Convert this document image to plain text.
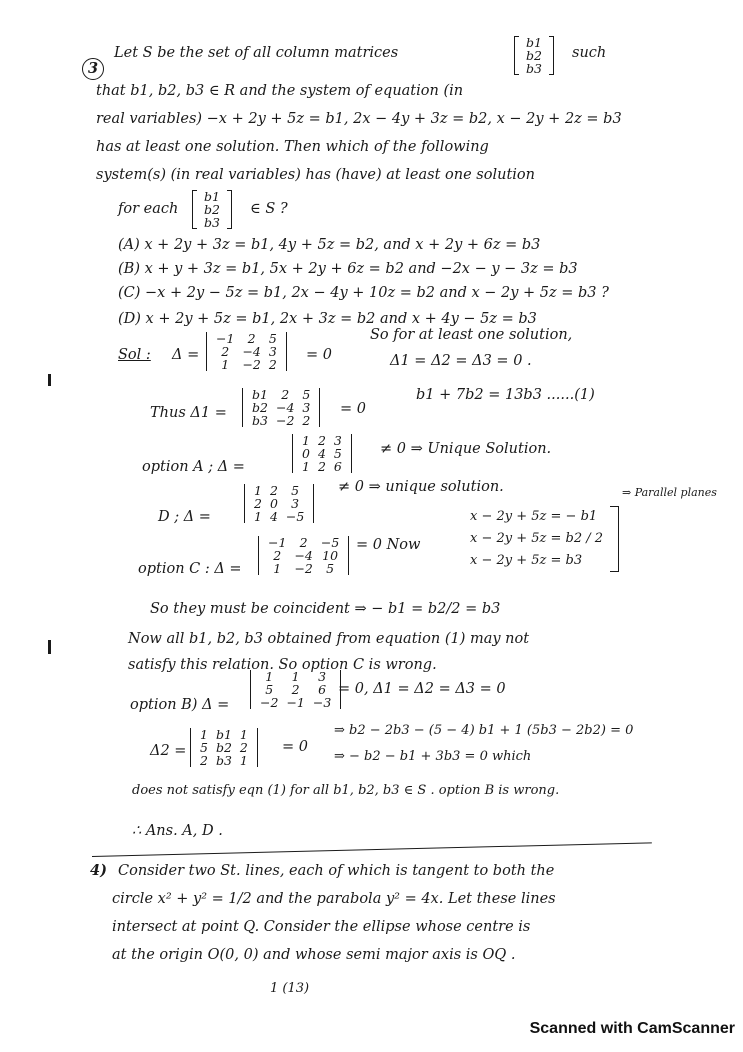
3
Let S be the set of all column matrices
b1
b2
b3
such
that b1, b2, b3 ∈ R and the system of equation (in
real variables) −x + 2y + 5z = b1, 2x − 4y + 3z = b2, x − 2y + 2z = b3
has at least one solution. Then which of the following
system(s) (in real variables) has (have) at least one solution
for each
b1
b2
b3
∈ S ?
(A) x + 2y + 3z = b1, 4y + 5z = b2, and x + 2y + 6z = b3
(B) x + y + 3z = b1, 5x + 2y + 6z = b2 and −2x − y − 3z = b3
(C) −x + 2y − 5z = b1, 2x − 4y + 10z = b2 and x − 2y + 5z = b3 ?
(D) x + 2y + 5z = b1, 2x + 3z = b2 and x + 4y − 5z = b3
Sol : Δ =
−1	2	5
2	−4	3
1	−2	2
= 0
So for at least one solution,
Δ1 = Δ2 = Δ3 = 0 .
Thus Δ1 =
b1	2	5
b2	−4	3
b3	−2	2
= 0
b1 + 7b2 = 13b3 ......(1)
option A ; Δ =
1	2	3
0	4	5
1	2	6
≠ 0 ⇒ Unique Solution.
D ; Δ =
1	2	5
2	0	3
1	4	−5
≠ 0 ⇒ unique solution.
option C : Δ =
−1	2	−5
2	−4	10
1	−2	5
= 0 Now
x − 2y + 5z = − b1
x − 2y + 5z = b2 / 2
x − 2y + 5z = b3
⇒ Parallel planes
So they must be coincident ⇒ − b1 = b2/2 = b3
Now all b1, b2, b3 obtained from equation (1) may not
satisfy this relation. So option C is wrong.
option B) Δ =
1	1	3
5	2	6
−2	−1	−3
= 0, Δ1 = Δ2 = Δ3 = 0
Δ2 =
1	b1	1
5	b2	2
2	b3	1
= 0
⇒ b2 − 2b3 − (5 − 4) b1 + 1 (5b3 − 2b2) = 0
⇒ − b2 − b1 + 3b3 = 0 which
does not satisfy eqn (1) for all b1, b2, b3 ∈ S . option B is wrong.
∴ Ans. A, D .
4) Consider two St. lines, each of which is tangent to both the
circle x² + y² = 1/2 and the parabola y² = 4x. Let these lines
intersect at point Q. Consider the ellipse whose centre is
at the origin O(0, 0) and whose semi major axis is OQ .
1 (13)
Scanned with CamScanner
